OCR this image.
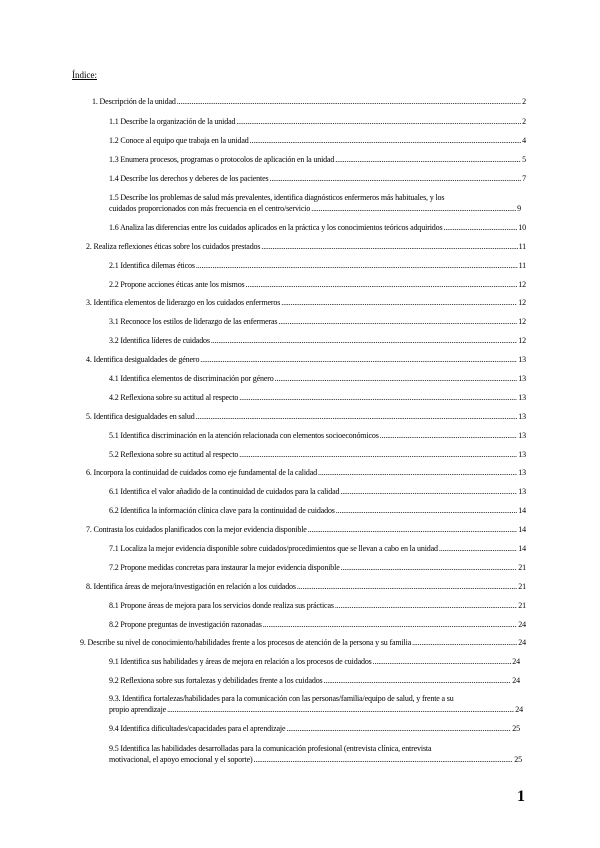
Índice:
1. Descripción de la unidad .....	2
1.1 Describe la organización de la unidad .....	2
1.2 Conoce al equipo que trabaja en la unidad .....	4
1.3 Enumera procesos, programas o protocolos de aplicación en la unidad .....	5
1.4 Describe los derechos y deberes de los pacientes .....	7
1.5 Describe los problemas de salud más prevalentes, identifica diagnósticos enfermeros más habituales, y los
cuidados proporcionados con más frecuencia en el centro/servicio .....	9
1.6 Analiza las diferencias entre los cuidados aplicados en la práctica y los conocimientos teóricos adquiridos .....	10
2. Realiza reflexiones éticas sobre los cuidados prestados .....	11
2.1 Identifica dilemas éticos .....	11
2.2 Propone acciones éticas ante los mismos .....	12
3. Identifica elementos de liderazgo en los cuidados enfermeros .....	12
3.1 Reconoce los estilos de liderazgo de las enfermeras .....	12
3.2 Identifica líderes de cuidados .....	12
4. Identifica desigualdades de género .....	13
4.1 Identifica elementos de discriminación por género .....	13
4.2 Reflexiona sobre su actitud al respecto .....	13
5. Identifica desigualdades en salud .....	13
5.1 Identifica discriminación en la atención relacionada con elementos socioeconómicos .....	13
5.2 Reflexiona sobre su actitud al respecto .....	13
6. Incorpora la continuidad de cuidados como eje fundamental de la calidad .....	13
6.1 Identifica el valor añadido de la continuidad de cuidados para la calidad .....	13
6.2 Identifica la información clínica clave para la continuidad de cuidados .....	14
7. Contrasta los cuidados planificados con la mejor evidencia disponible .....	14
7.1 Localiza la mejor evidencia disponible sobre cuidados/procedimientos que se llevan a cabo en la unidad .....	14
7.2 Propone medidas concretas para instaurar la mejor evidencia disponible .....	21
8. Identifica áreas de mejora/investigación en relación a los cuidados .....	21
8.1 Propone áreas de mejora para los servicios donde realiza sus prácticas .....	21
8.2 Propone preguntas de investigación razonadas .....	24
9. Describe su nivel de conocimiento/habilidades frente a los procesos de atención de la persona y su familia .....	24
9.1 Identifica sus habilidades y áreas de mejora en relación a los procesos de cuidados .....	24
9.2 Reflexiona sobre sus fortalezas y debilidades frente a los cuidados .....	24
9.3. Identifica fortalezas/habilidades para la comunicación con las personas/familia/equipo de salud, y frente a su
propio aprendizaje .....	24
9.4 Identifica dificultades/capacidades para el aprendizaje .....	25
9.5 Identifica las habilidades desarrolladas para la comunicación profesional (entrevista clínica, entrevista
motivacional, el apoyo emocional y el soporte) .....	25
1
